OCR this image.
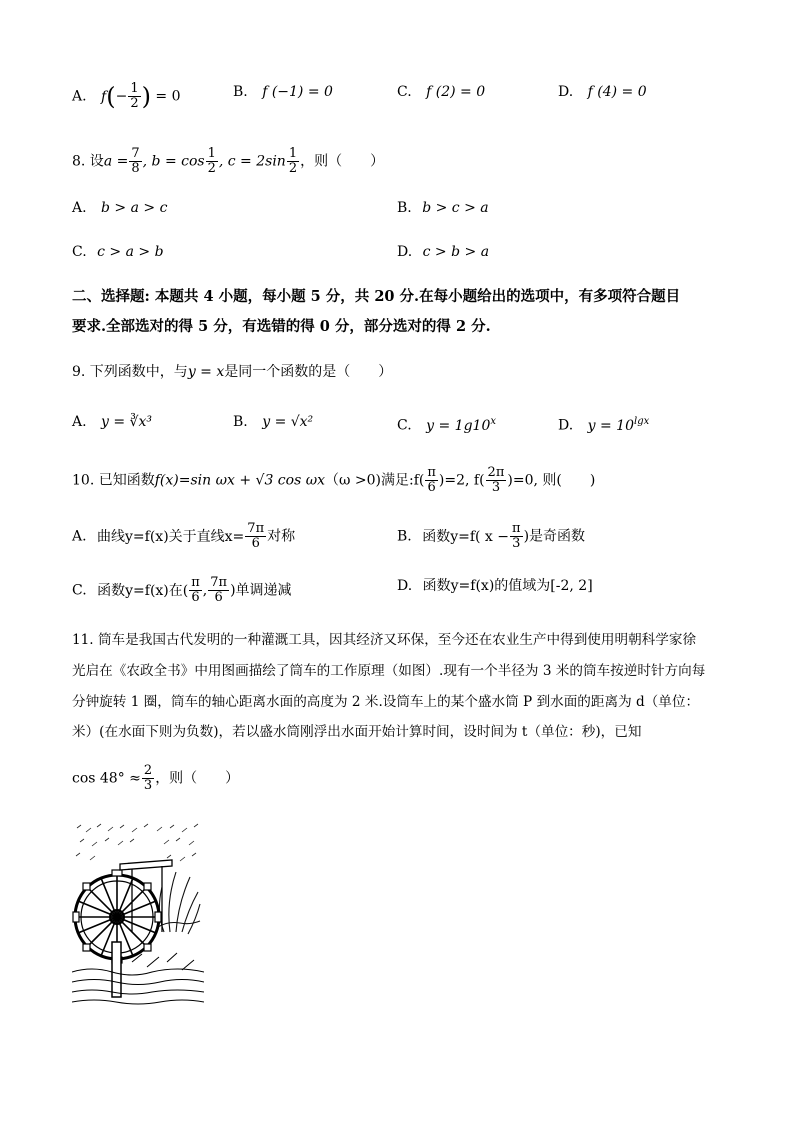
A. $f(- \frac{1}{2}$ ) = 0	B. f (−1) = 0	C. f (2) = 0	D. f (4) = 0
8. 设$a = \frac{7}{8}$ , $b = \cos \frac{1}{2}$ , $c = 2\sin \frac{1}{2}$ ，则（　　）
A. b > a > c	B. b > c > a
C. c > a > b	D. c > b > a
二、选择题: 本题共 4 小题，每小题 5 分，共 20 分.在每小题给出的选项中，有多项符合题目
要求.全部选对的得 5 分，有选错的得 0 分，部分选对的得 2 分.
9. 下列函数中，与y = x是同一个函数的是（　　）
A. y = ∛x³	B. y = √x²	C. $y = 1g10^x$	D. $y = 10^{lgx}$
10. 已知函数f(x)=sin ωx + √3 cos ωx（ω >0)满足:f( $\frac{\pi}{6} )=2$, $f( \frac{2\pi}{3} )=0$, 则(　　)
A. 曲线y=f(x)关于直线$x= \frac{7\pi}{6}$ 对称	B. 函数y=f( $x - \frac{\pi}{3}$ )是奇函数
C. 函数y=f(x)在( $\frac{\pi}{6}$ , $\frac{7\pi}{6}$ )单调递减	D. 函数y=f(x)的值域为[-2, 2]
11. 筒车是我国古代发明的一种灌溉工具，因其经济又环保，至今还在农业生产中得到使用明朝科学家徐
光启在《农政全书》中用图画描绘了筒车的工作原理（如图）.现有一个半径为 3 米的筒车按逆时针方向每
分钟旋转 1 圈，筒车的轴心距离水面的高度为 2 米.设筒车上的某个盛水筒 P 到水面的距离为 d（单位：
米）(在水面下则为负数)，若以盛水筒刚浮出水面开始计算时间，设时间为 t（单位：秒)，已知
$\cos 48^\circ \approx \frac{2}{3}$ ，则（　　）
